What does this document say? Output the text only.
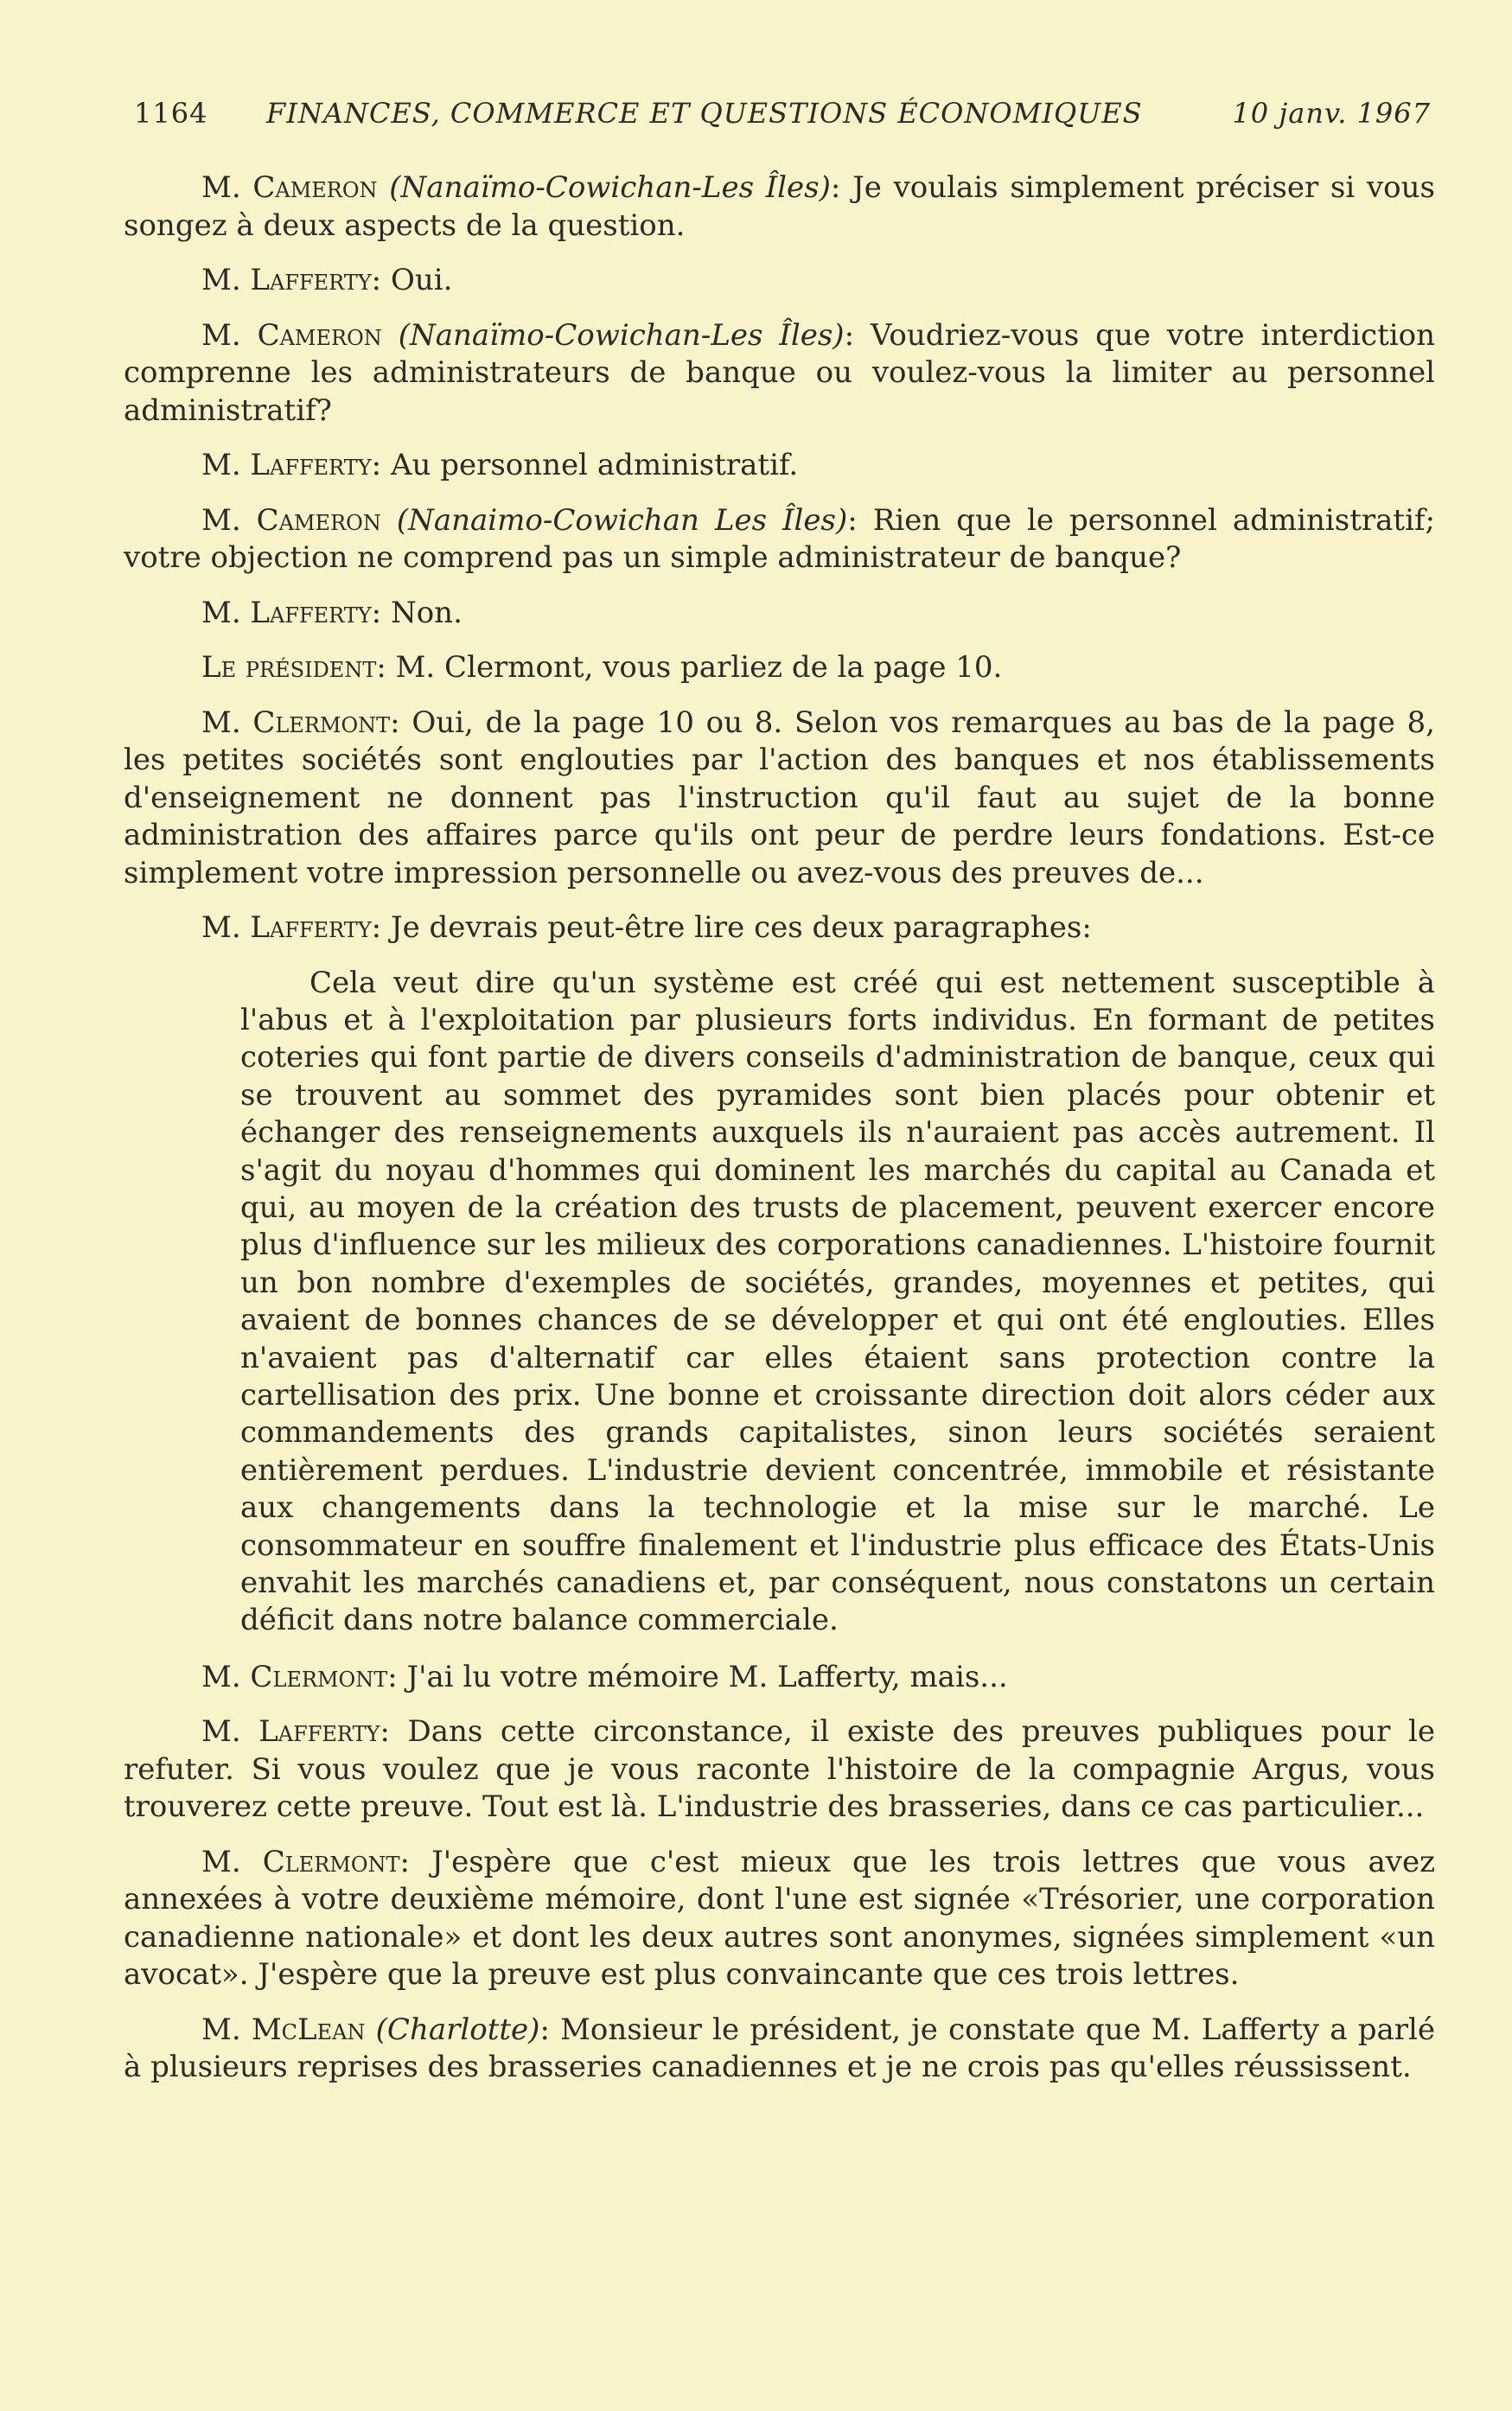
1164 FINANCES, COMMERCE ET QUESTIONS ÉCONOMIQUES	10 janv. 1967

M. Cameron (Nanaïmo-Cowichan-Les Îles): Je voulais simplement préciser si vous songez à deux aspects de la question.

M. Lafferty: Oui.

M. Cameron (Nanaïmo-Cowichan-Les Îles): Voudriez-vous que votre interdiction comprenne les administrateurs de banque ou voulez-vous la limiter au personnel administratif?

M. Lafferty: Au personnel administratif.

M. Cameron (Nanaimo-Cowichan Les Îles): Rien que le personnel administratif; votre objection ne comprend pas un simple administrateur de banque?

M. Lafferty: Non.

Le président: M. Clermont, vous parliez de la page 10.

M. Clermont: Oui, de la page 10 ou 8. Selon vos remarques au bas de la page 8, les petites sociétés sont englouties par l'action des banques et nos établissements d'enseignement ne donnent pas l'instruction qu'il faut au sujet de la bonne administration des affaires parce qu'ils ont peur de perdre leurs fondations. Est-ce simplement votre impression personnelle ou avez-vous des preuves de...

M. Lafferty: Je devrais peut-être lire ces deux paragraphes:

Cela veut dire qu'un système est créé qui est nettement susceptible à l'abus et à l'exploitation par plusieurs forts individus. En formant de petites coteries qui font partie de divers conseils d'administration de banque, ceux qui se trouvent au sommet des pyramides sont bien placés pour obtenir et échanger des renseignements auxquels ils n'auraient pas accès autrement. Il s'agit du noyau d'hommes qui dominent les marchés du capital au Canada et qui, au moyen de la création des trusts de placement, peuvent exercer encore plus d'influence sur les milieux des corporations canadiennes. L'histoire fournit un bon nombre d'exemples de sociétés, grandes, moyennes et petites, qui avaient de bonnes chances de se développer et qui ont été englouties. Elles n'avaient pas d'alternatif car elles étaient sans protection contre la cartellisation des prix. Une bonne et croissante direction doit alors céder aux commandements des grands capitalistes, sinon leurs sociétés seraient entièrement perdues. L'industrie devient concentrée, immobile et résistante aux changements dans la technologie et la mise sur le marché. Le consommateur en souffre finalement et l'industrie plus efficace des États-Unis envahit les marchés canadiens et, par conséquent, nous constatons un certain déficit dans notre balance commerciale.

M. Clermont: J'ai lu votre mémoire M. Lafferty, mais...

M. Lafferty: Dans cette circonstance, il existe des preuves publiques pour le refuter. Si vous voulez que je vous raconte l'histoire de la compagnie Argus, vous trouverez cette preuve. Tout est là. L'industrie des brasseries, dans ce cas particulier...

M. Clermont: J'espère que c'est mieux que les trois lettres que vous avez annexées à votre deuxième mémoire, dont l'une est signée «Trésorier, une corporation canadienne nationale» et dont les deux autres sont anonymes, signées simplement «un avocat». J'espère que la preuve est plus convaincante que ces trois lettres.

M. McLean (Charlotte): Monsieur le président, je constate que M. Lafferty a parlé à plusieurs reprises des brasseries canadiennes et je ne crois pas qu'elles réussissent.
